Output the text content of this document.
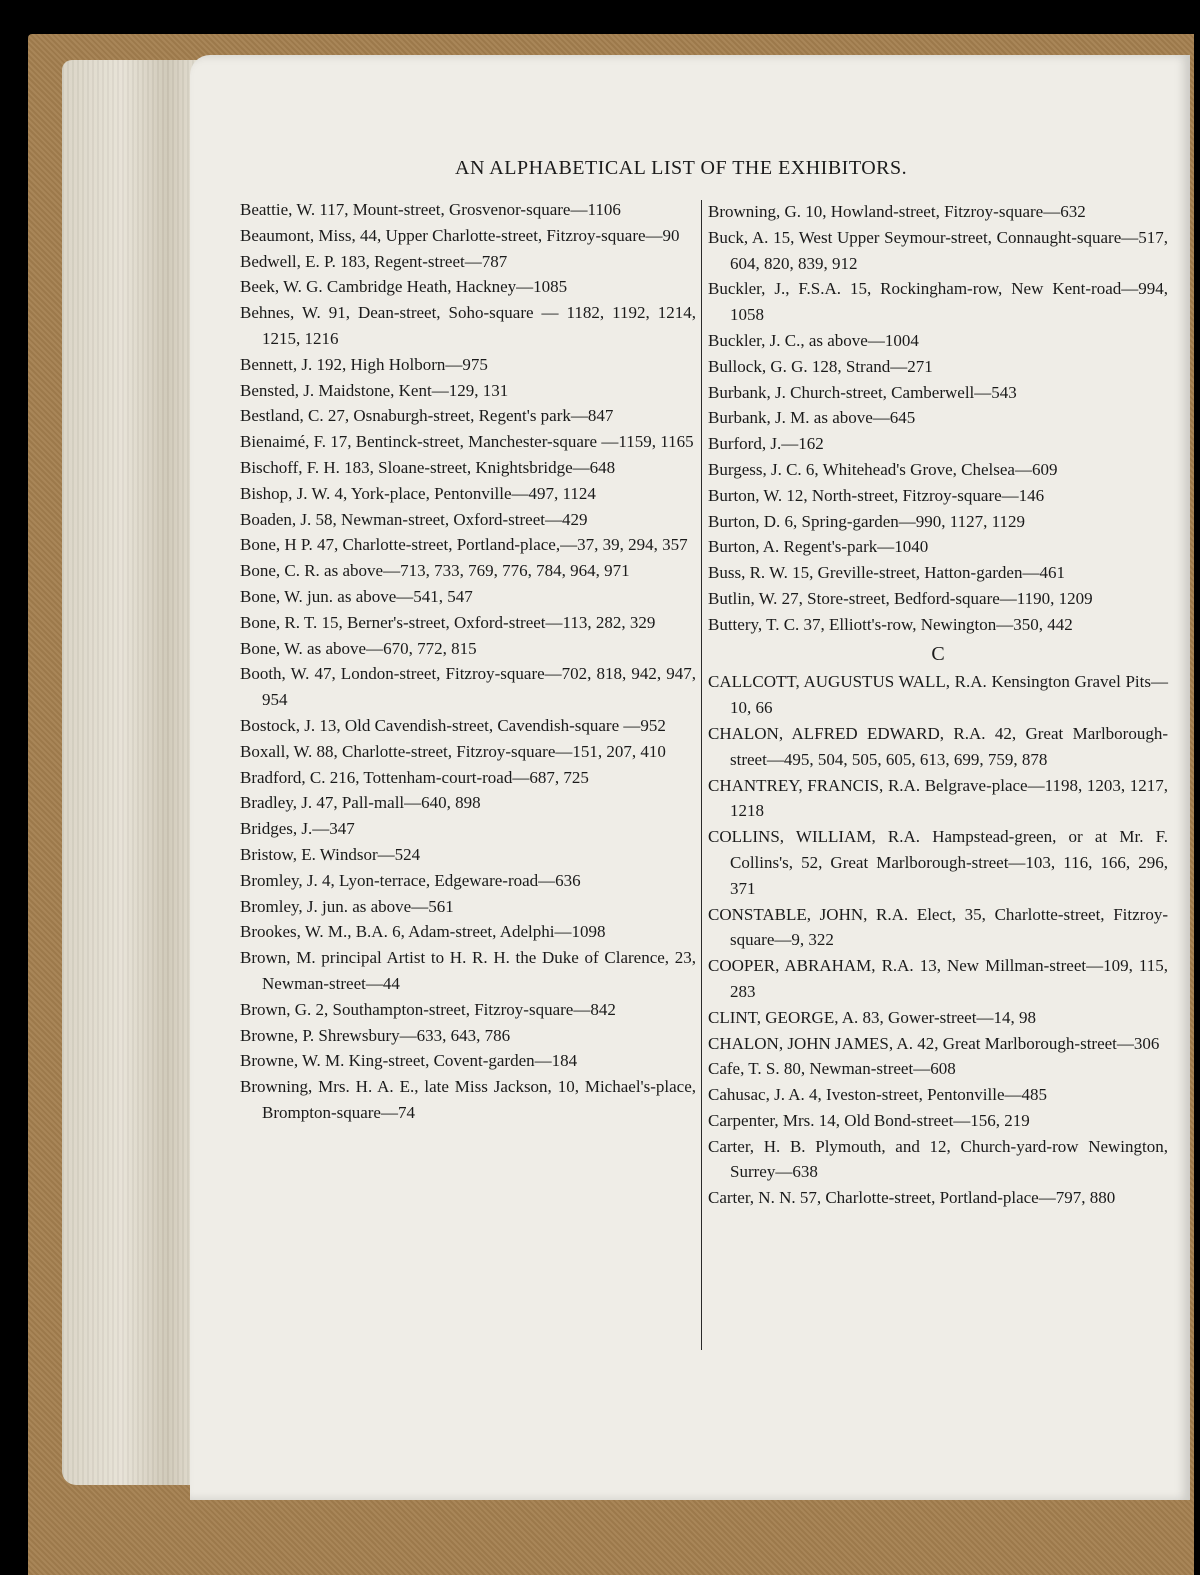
AN ALPHABETICAL LIST OF THE EXHIBITORS.

Beattie, W. 117, Mount-street, Grosvenor-square—1106

Beaumont, Miss, 44, Upper Charlotte-street, Fitzroy-square—90

Bedwell, E. P. 183, Regent-street—787

Beek, W. G. Cambridge Heath, Hackney—1085

Behnes, W. 91, Dean-street, Soho-square — 1182, 1192, 1214, 1215, 1216

Bennett, J. 192, High Holborn—975

Bensted, J. Maidstone, Kent—129, 131

Bestland, C. 27, Osnaburgh-street, Regent's park—847

Bienaimé, F. 17, Bentinck-street, Manchester-square —1159, 1165

Bischoff, F. H. 183, Sloane-street, Knightsbridge—648

Bishop, J. W. 4, York-place, Pentonville—497, 1124

Boaden, J. 58, Newman-street, Oxford-street—429

Bone, H P. 47, Charlotte-street, Portland-place,—37, 39, 294, 357

Bone, C. R. as above—713, 733, 769, 776, 784, 964, 971

Bone, W. jun. as above—541, 547

Bone, R. T. 15, Berner's-street, Oxford-street—113, 282, 329

Bone, W. as above—670, 772, 815

Booth, W. 47, London-street, Fitzroy-square—702, 818, 942, 947, 954

Bostock, J. 13, Old Cavendish-street, Cavendish-square —952

Boxall, W. 88, Charlotte-street, Fitzroy-square—151, 207, 410

Bradford, C. 216, Tottenham-court-road—687, 725

Bradley, J. 47, Pall-mall—640, 898

Bridges, J.—347

Bristow, E. Windsor—524

Bromley, J. 4, Lyon-terrace, Edgeware-road—636

Bromley, J. jun. as above—561

Brookes, W. M., B.A. 6, Adam-street, Adelphi—1098

Brown, M. principal Artist to H. R. H. the Duke of Clarence, 23, Newman-street—44

Brown, G. 2, Southampton-street, Fitzroy-square—842

Browne, P. Shrewsbury—633, 643, 786

Browne, W. M. King-street, Covent-garden—184

Browning, Mrs. H. A. E., late Miss Jackson, 10, Michael's-place, Brompton-square—74

Browning, G. 10, Howland-street, Fitzroy-square—632

Buck, A. 15, West Upper Seymour-street, Connaught-square—517, 604, 820, 839, 912

Buckler, J., F.S.A. 15, Rockingham-row, New Kent-road—994, 1058

Buckler, J. C., as above—1004

Bullock, G. G. 128, Strand—271

Burbank, J. Church-street, Camberwell—543

Burbank, J. M. as above—645

Burford, J.—162

Burgess, J. C. 6, Whitehead's Grove, Chelsea—609

Burton, W. 12, North-street, Fitzroy-square—146

Burton, D. 6, Spring-garden—990, 1127, 1129

Burton, A. Regent's-park—1040

Buss, R. W. 15, Greville-street, Hatton-garden—461

Butlin, W. 27, Store-street, Bedford-square—1190, 1209

Buttery, T. C. 37, Elliott's-row, Newington—350, 442

C

CALLCOTT, AUGUSTUS WALL, R.A. Kensington Gravel Pits—10, 66

CHALON, ALFRED EDWARD, R.A. 42, Great Marlborough-street—495, 504, 505, 605, 613, 699, 759, 878

CHANTREY, FRANCIS, R.A. Belgrave-place—1198, 1203, 1217, 1218

COLLINS, WILLIAM, R.A. Hampstead-green, or at Mr. F. Collins's, 52, Great Marlborough-street—103, 116, 166, 296, 371

CONSTABLE, JOHN, R.A. Elect, 35, Charlotte-street, Fitzroy-square—9, 322

COOPER, ABRAHAM, R.A. 13, New Millman-street—109, 115, 283

CLINT, GEORGE, A. 83, Gower-street—14, 98

CHALON, JOHN JAMES, A. 42, Great Marlborough-street—306

Cafe, T. S. 80, Newman-street—608

Cahusac, J. A. 4, Iveston-street, Pentonville—485

Carpenter, Mrs. 14, Old Bond-street—156, 219

Carter, H. B. Plymouth, and 12, Church-yard-row Newington, Surrey—638

Carter, N. N. 57, Charlotte-street, Portland-place—797, 880
